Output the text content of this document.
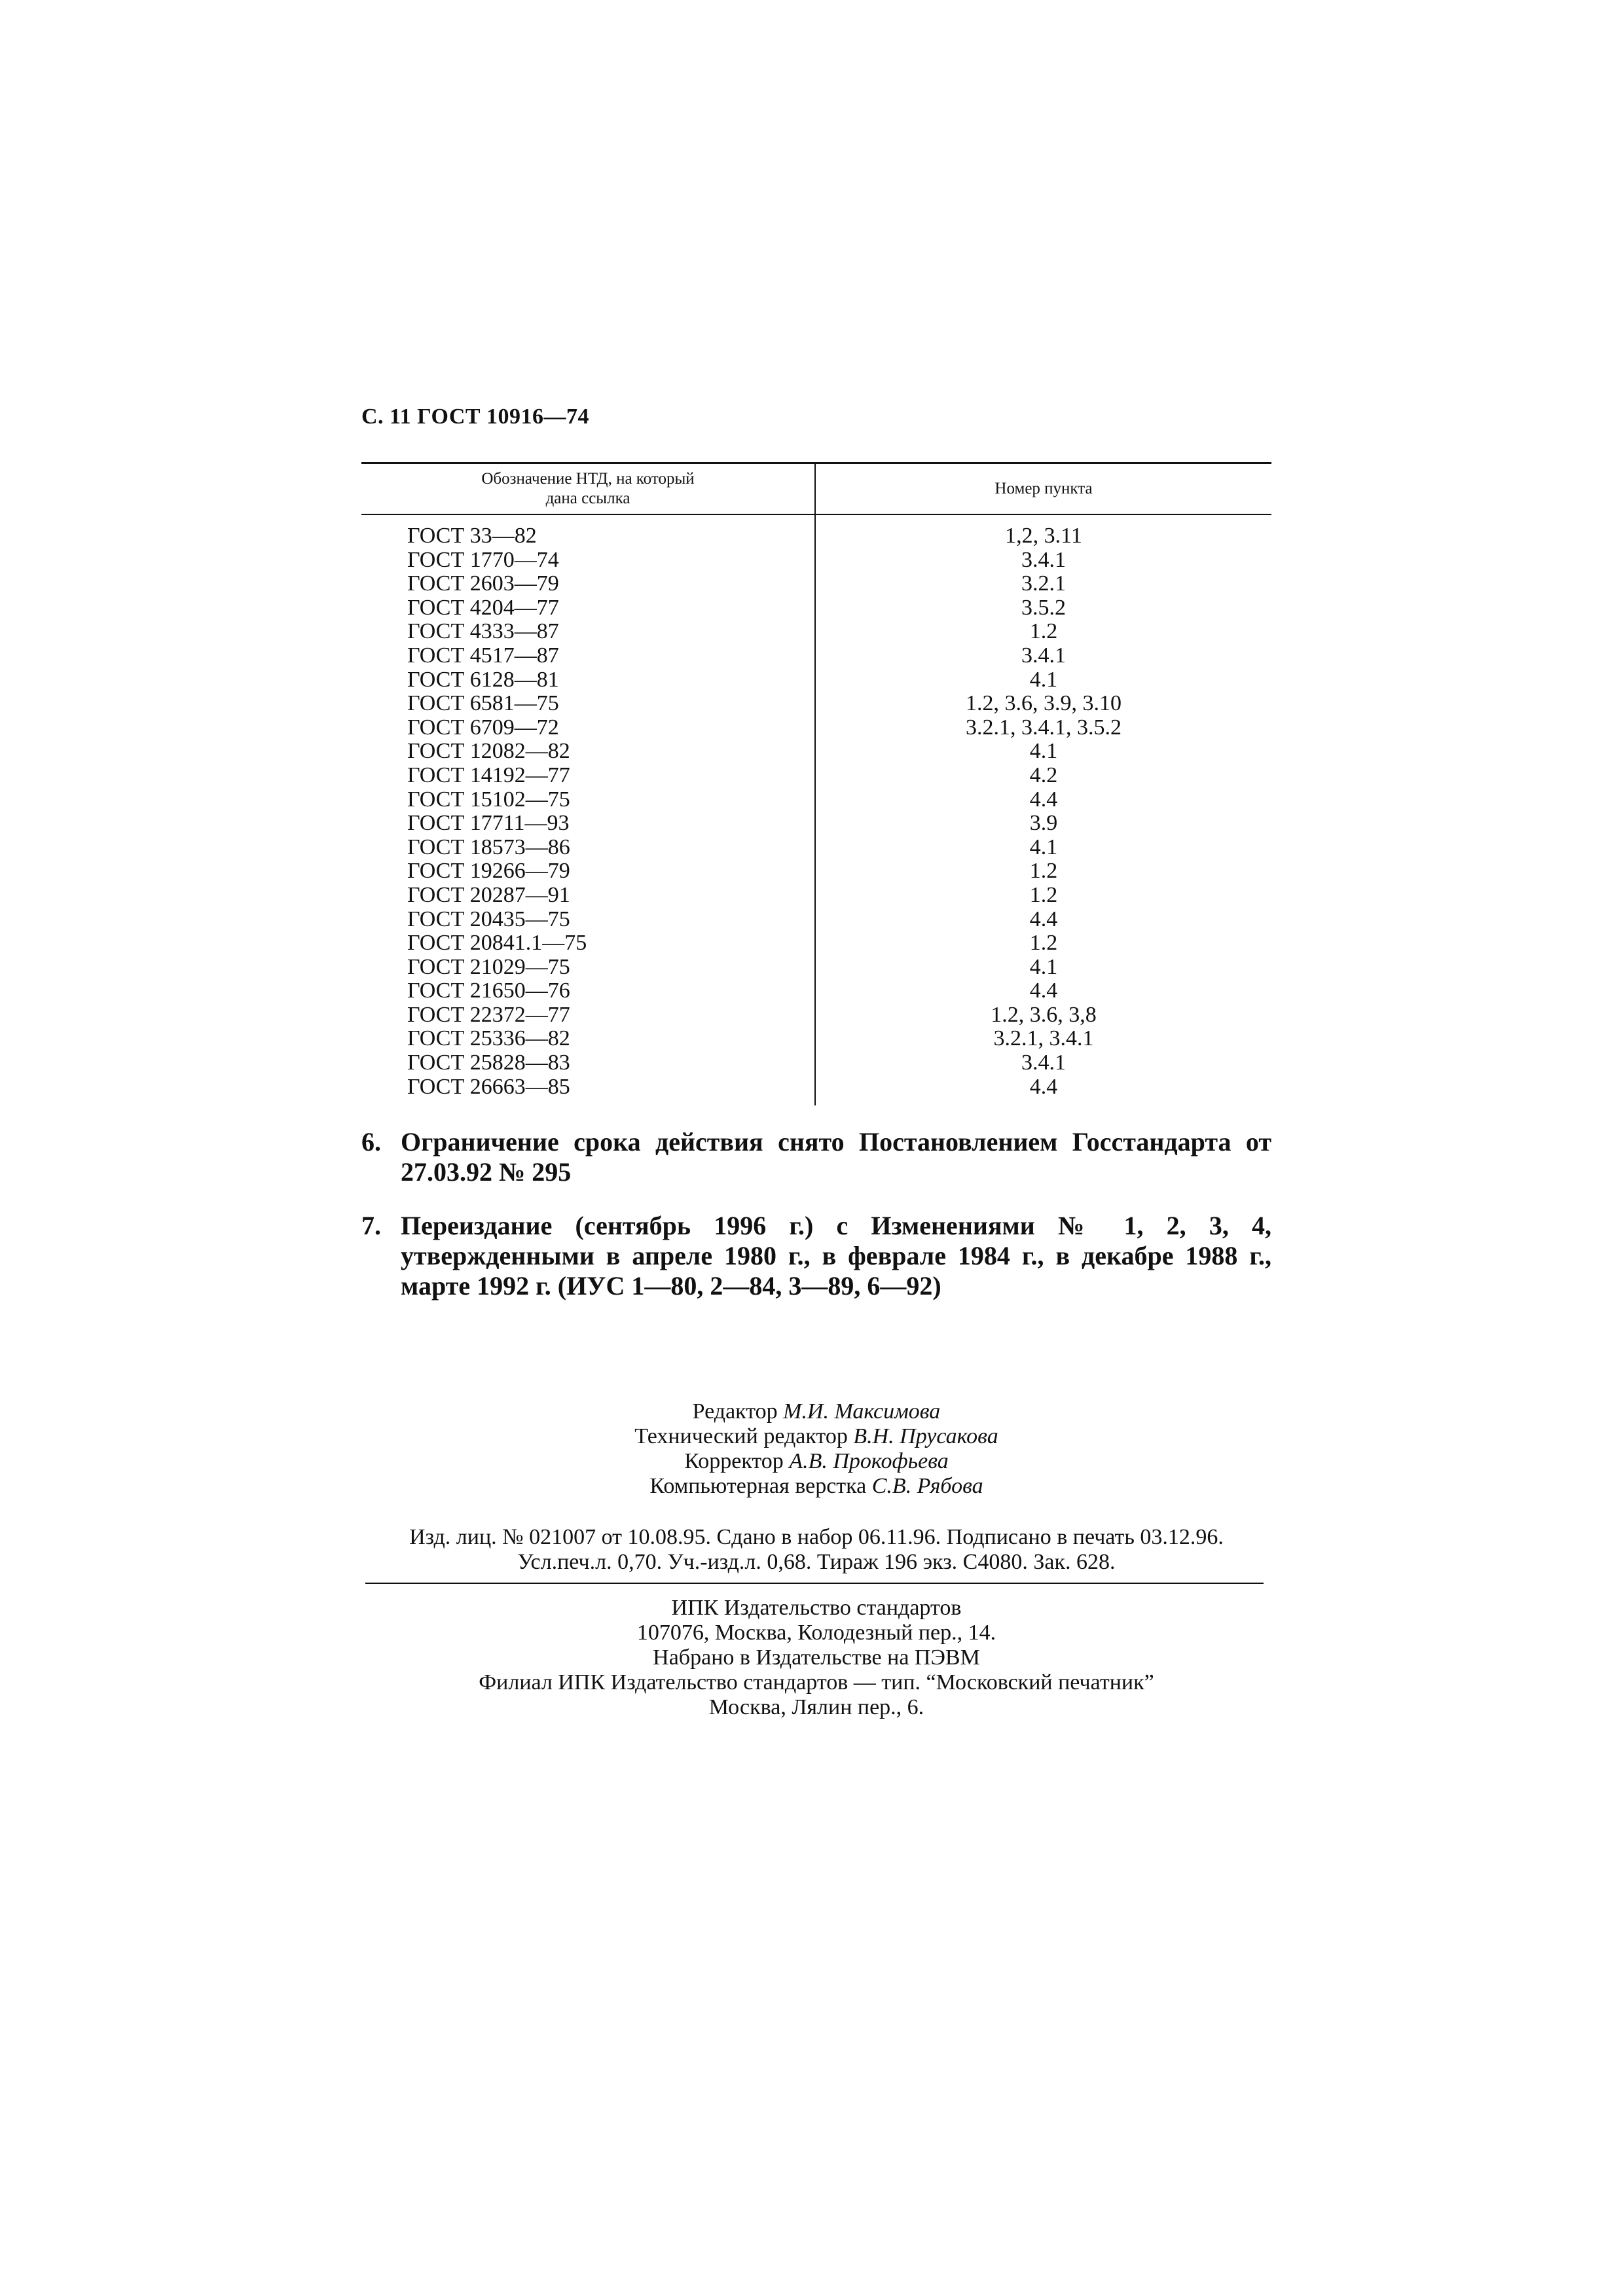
С. 11 ГОСТ 10916—74
Обозначение НТД, на который
дана ссылка	Номер пункта
ГОСТ 33—82	1,2, 3.11
ГОСТ 1770—74	3.4.1
ГОСТ 2603—79	3.2.1
ГОСТ 4204—77	3.5.2
ГОСТ 4333—87	1.2
ГОСТ 4517—87	3.4.1
ГОСТ 6128—81	4.1
ГОСТ 6581—75	1.2, 3.6, 3.9, 3.10
ГОСТ 6709—72	3.2.1, 3.4.1, 3.5.2
ГОСТ 12082—82	4.1
ГОСТ 14192—77	4.2
ГОСТ 15102—75	4.4
ГОСТ 17711—93	3.9
ГОСТ 18573—86	4.1
ГОСТ 19266—79	1.2
ГОСТ 20287—91	1.2
ГОСТ 20435—75	4.4
ГОСТ 20841.1—75	1.2
ГОСТ 21029—75	4.1
ГОСТ 21650—76	4.4
ГОСТ 22372—77	1.2, 3.6, 3,8
ГОСТ 25336—82	3.2.1, 3.4.1
ГОСТ 25828—83	3.4.1
ГОСТ 26663—85	4.4
6. Ограничение срока действия снято Постановлением Госстандарта от 27.03.92 № 295
7. Переиздание (сентябрь 1996 г.) с Изменениями № 1, 2, 3, 4, утвержденными в апреле 1980 г., в феврале 1984 г., в декабре 1988 г., марте 1992 г. (ИУС 1—80, 2—84, 3—89, 6—92)
Редактор М.И. Максимова
Технический редактор В.Н. Прусакова
Корректор А.В. Прокофьева
Компьютерная верстка С.В. Рябова
Изд. лиц. № 021007 от 10.08.95. Сдано в набор 06.11.96. Подписано в печать 03.12.96.
Усл.печ.л. 0,70. Уч.-изд.л. 0,68. Тираж 196 экз. С4080. Зак. 628.
ИПК Издательство стандартов
107076, Москва, Колодезный пер., 14.
Набрано в Издательстве на ПЭВМ
Филиал ИПК Издательство стандартов — тип. “Московский печатник”
Москва, Лялин пер., 6.
